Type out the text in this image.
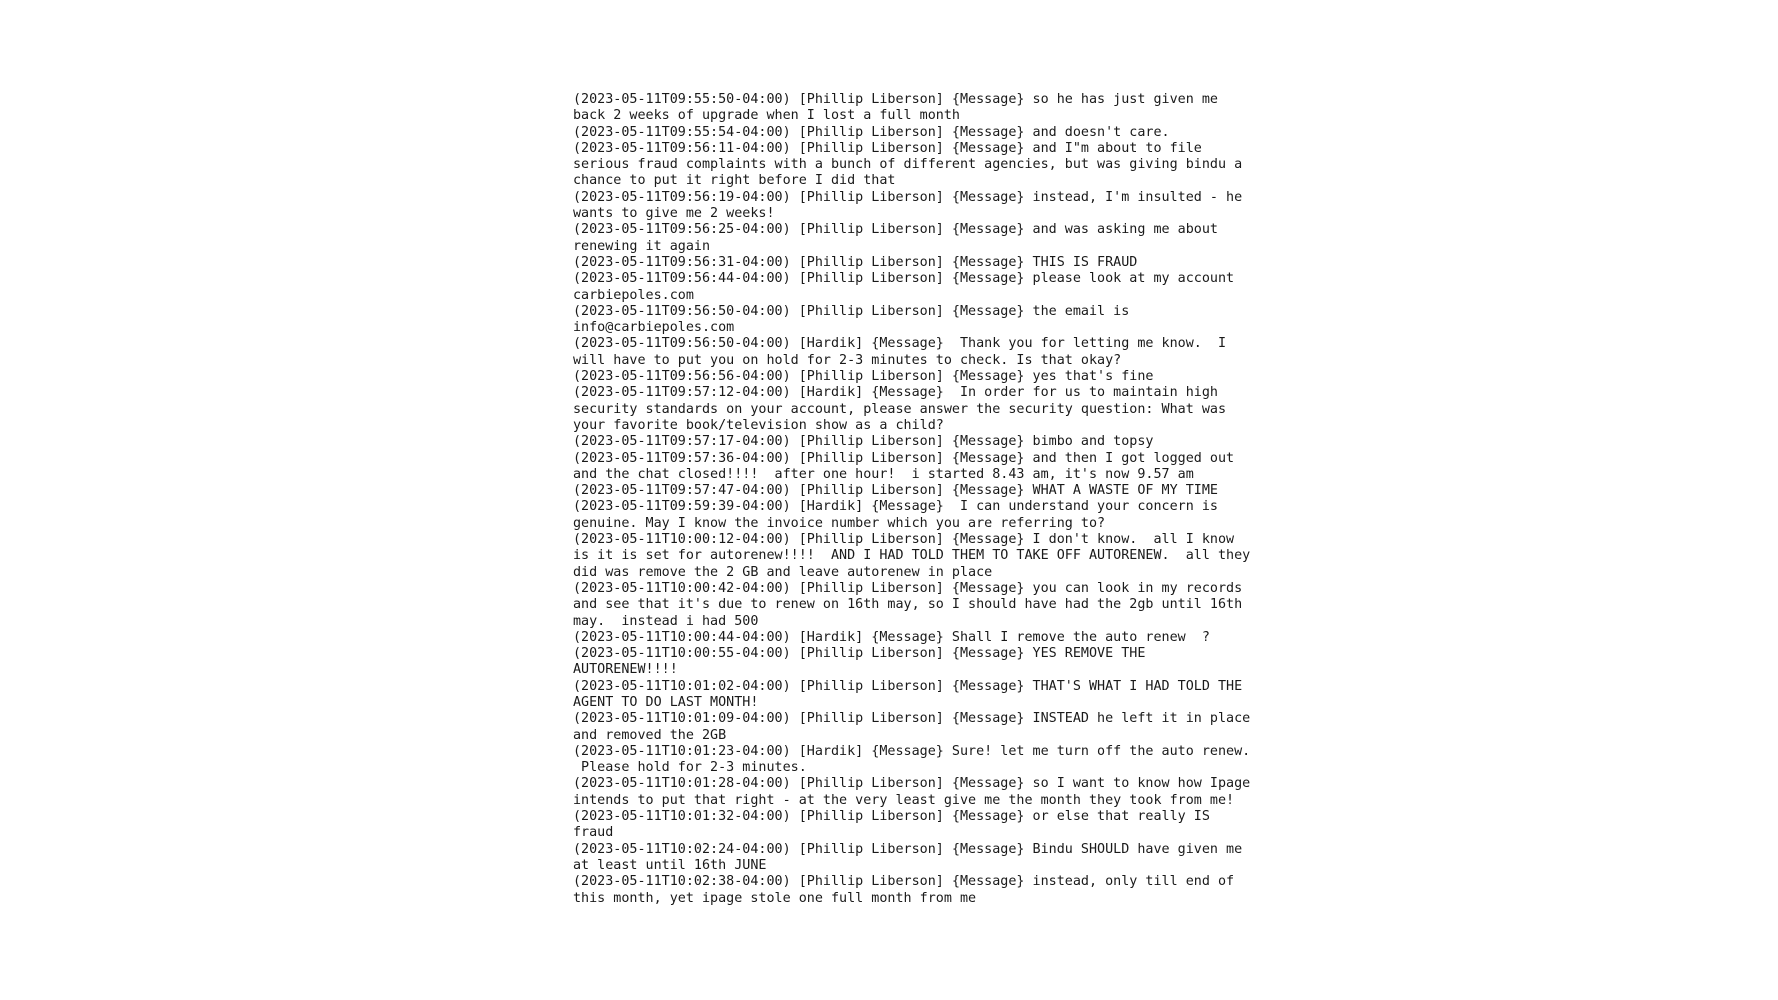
(2023-05-11T09:55:50-04:00) [Phillip Liberson] {Message} so he has just given me
back 2 weeks of upgrade when I lost a full month
(2023-05-11T09:55:54-04:00) [Phillip Liberson] {Message} and doesn't care.
(2023-05-11T09:56:11-04:00) [Phillip Liberson] {Message} and I"m about to file
serious fraud complaints with a bunch of different agencies, but was giving bindu a
chance to put it right before I did that
(2023-05-11T09:56:19-04:00) [Phillip Liberson] {Message} instead, I'm insulted - he
wants to give me 2 weeks!
(2023-05-11T09:56:25-04:00) [Phillip Liberson] {Message} and was asking me about
renewing it again
(2023-05-11T09:56:31-04:00) [Phillip Liberson] {Message} THIS IS FRAUD
(2023-05-11T09:56:44-04:00) [Phillip Liberson] {Message} please look at my account
carbiepoles.com
(2023-05-11T09:56:50-04:00) [Phillip Liberson] {Message} the email is
info@carbiepoles.com
(2023-05-11T09:56:50-04:00) [Hardik] {Message}  Thank you for letting me know.  I
will have to put you on hold for 2-3 minutes to check. Is that okay?
(2023-05-11T09:56:56-04:00) [Phillip Liberson] {Message} yes that's fine
(2023-05-11T09:57:12-04:00) [Hardik] {Message}  In order for us to maintain high
security standards on your account, please answer the security question: What was
your favorite book/television show as a child?
(2023-05-11T09:57:17-04:00) [Phillip Liberson] {Message} bimbo and topsy
(2023-05-11T09:57:36-04:00) [Phillip Liberson] {Message} and then I got logged out
and the chat closed!!!!  after one hour!  i started 8.43 am, it's now 9.57 am
(2023-05-11T09:57:47-04:00) [Phillip Liberson] {Message} WHAT A WASTE OF MY TIME
(2023-05-11T09:59:39-04:00) [Hardik] {Message}  I can understand your concern is
genuine. May I know the invoice number which you are referring to?
(2023-05-11T10:00:12-04:00) [Phillip Liberson] {Message} I don't know.  all I know
is it is set for autorenew!!!!  AND I HAD TOLD THEM TO TAKE OFF AUTORENEW.  all they
did was remove the 2 GB and leave autorenew in place
(2023-05-11T10:00:42-04:00) [Phillip Liberson] {Message} you can look in my records
and see that it's due to renew on 16th may, so I should have had the 2gb until 16th
may.  instead i had 500
(2023-05-11T10:00:44-04:00) [Hardik] {Message} Shall I remove the auto renew  ?
(2023-05-11T10:00:55-04:00) [Phillip Liberson] {Message} YES REMOVE THE
AUTORENEW!!!!
(2023-05-11T10:01:02-04:00) [Phillip Liberson] {Message} THAT'S WHAT I HAD TOLD THE
AGENT TO DO LAST MONTH!
(2023-05-11T10:01:09-04:00) [Phillip Liberson] {Message} INSTEAD he left it in place
and removed the 2GB
(2023-05-11T10:01:23-04:00) [Hardik] {Message} Sure! let me turn off the auto renew.
Please hold for 2-3 minutes.
(2023-05-11T10:01:28-04:00) [Phillip Liberson] {Message} so I want to know how Ipage
intends to put that right - at the very least give me the month they took from me!
(2023-05-11T10:01:32-04:00) [Phillip Liberson] {Message} or else that really IS
fraud
(2023-05-11T10:02:24-04:00) [Phillip Liberson] {Message} Bindu SHOULD have given me
at least until 16th JUNE
(2023-05-11T10:02:38-04:00) [Phillip Liberson] {Message} instead, only till end of
this month, yet ipage stole one full month from me
